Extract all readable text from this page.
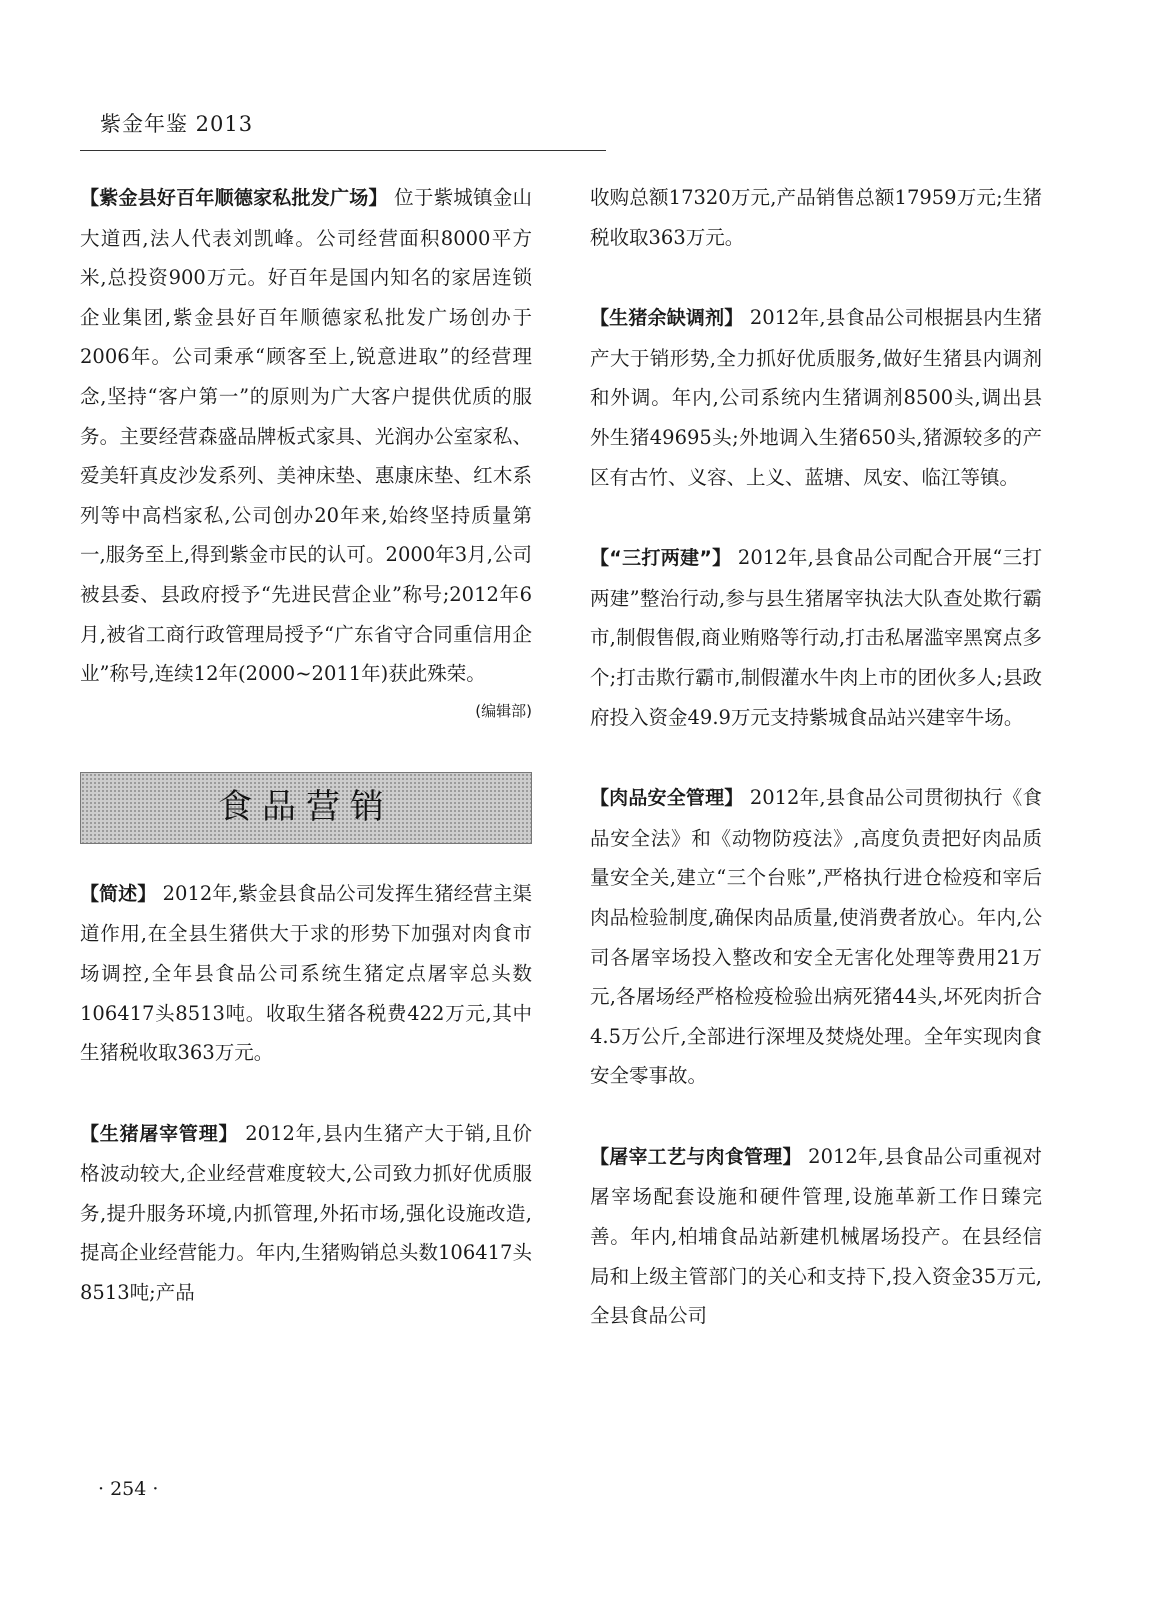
紫金年鉴 2013

【紫金县好百年顺德家私批发广场】 位于紫城镇金山大道西,法人代表刘凯峰。公司经营面积8000平方米,总投资900万元。好百年是国内知名的家居连锁企业集团,紫金县好百年顺德家私批发广场创办于2006年。公司秉承“顾客至上,锐意进取”的经营理念,坚持“客户第一”的原则为广大客户提供优质的服务。主要经营森盛品牌板式家具、光润办公室家私、爱美轩真皮沙发系列、美神床垫、惠康床垫、红木系列等中高档家私,公司创办20年来,始终坚持质量第一,服务至上,得到紫金市民的认可。2000年3月,公司被县委、县政府授予“先进民营企业”称号;2012年6月,被省工商行政管理局授予“广东省守合同重信用企业”称号,连续12年(2000~2011年)获此殊荣。

(编辑部)
食品营销

【简述】 2012年,紫金县食品公司发挥生猪经营主渠道作用,在全县生猪供大于求的形势下加强对肉食市场调控,全年县食品公司系统生猪定点屠宰总头数106417头8513吨。收取生猪各税费422万元,其中生猪税收取363万元。

【生猪屠宰管理】 2012年,县内生猪产大于销,且价格波动较大,企业经营难度较大,公司致力抓好优质服务,提升服务环境,内抓管理,外拓市场,强化设施改造,提高企业经营能力。年内,生猪购销总头数106417头8513吨;产品

收购总额17320万元,产品销售总额17959万元;生猪税收取363万元。

【生猪余缺调剂】 2012年,县食品公司根据县内生猪产大于销形势,全力抓好优质服务,做好生猪县内调剂和外调。年内,公司系统内生猪调剂8500头,调出县外生猪49695头;外地调入生猪650头,猪源较多的产区有古竹、义容、上义、蓝塘、凤安、临江等镇。

【“三打两建”】 2012年,县食品公司配合开展“三打两建”整治行动,参与县生猪屠宰执法大队查处欺行霸市,制假售假,商业贿赂等行动,打击私屠滥宰黑窝点多个;打击欺行霸市,制假灌水牛肉上市的团伙多人;县政府投入资金49.9万元支持紫城食品站兴建宰牛场。

【肉品安全管理】 2012年,县食品公司贯彻执行《食品安全法》和《动物防疫法》,高度负责把好肉品质量安全关,建立“三个台账”,严格执行进仓检疫和宰后肉品检验制度,确保肉品质量,使消费者放心。年内,公司各屠宰场投入整改和安全无害化处理等费用21万元,各屠场经严格检疫检验出病死猪44头,坏死肉折合4.5万公斤,全部进行深埋及焚烧处理。全年实现肉食安全零事故。

【屠宰工艺与肉食管理】 2012年,县食品公司重视对屠宰场配套设施和硬件管理,设施革新工作日臻完善。年内,柏埔食品站新建机械屠场投产。在县经信局和上级主管部门的关心和支持下,投入资金35万元,全县食品公司

· 254 ·
